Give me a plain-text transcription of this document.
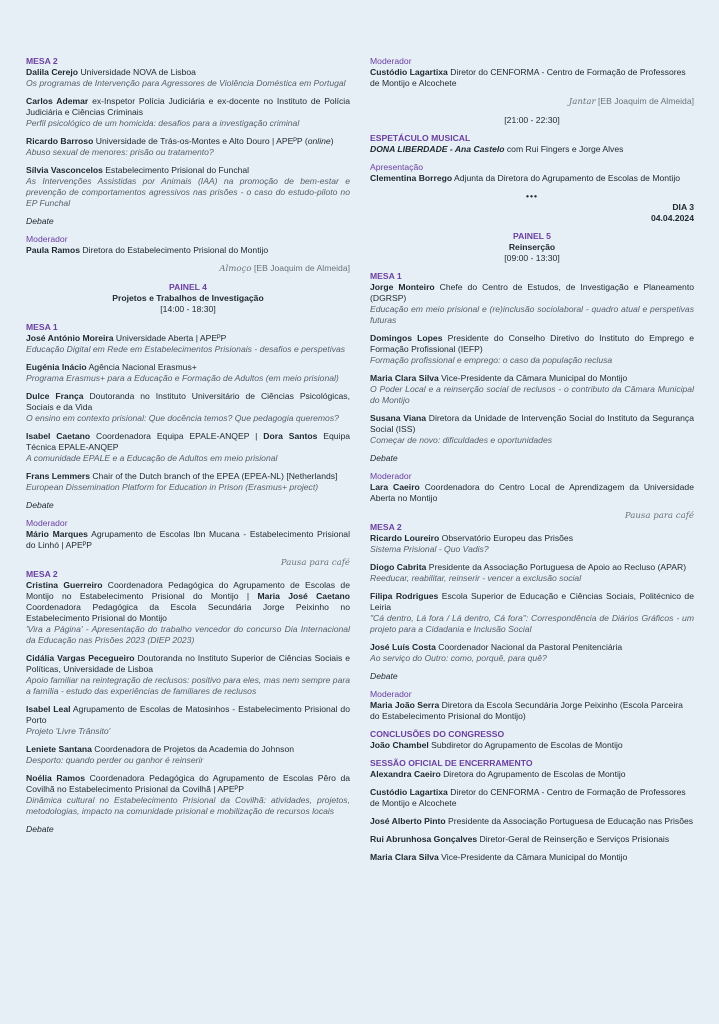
MESA 2
Dalila Cerejo Universidade NOVA de Lisboa
Os programas de Intervenção para Agressores de Violência Doméstica em Portugal
Carlos Ademar ex-Inspetor Polícia Judiciária e ex-docente no Instituto de Polícia Judiciária e Ciências Criminais
Perfil psicológico de um homicida: desafios para a investigação criminal
Ricardo Barroso Universidade de Trás-os-Montes e Alto Douro | APEᴾP (online)
Abuso sexual de menores: prisão ou tratamento?
Sílvia Vasconcelos Estabelecimento Prisional do Funchal
As Intervenções Assistidas por Animais (IAA) na promoção de bem-estar e prevenção de comportamentos agressivos nas prisões - o caso do estudo-piloto no EP Funchal
Debate
Moderador
Paula Ramos Diretora do Estabelecimento Prisional do Montijo
Almoço [EB Joaquim de Almeida]
PAINEL 4
Projetos e Trabalhos de Investigação
[14:00 - 18:30]
MESA 1
José António Moreira Universidade Aberta | APEᴾP
Educação Digital em Rede em Estabelecimentos Prisionais - desafios e perspetivas
Eugénia Inácio Agência Nacional Erasmus+
Programa Erasmus+ para a Educação e Formação de Adultos (em meio prisional)
Dulce França Doutoranda no Instituto Universitário de Ciências Psicológicas, Sociais e da Vida
O ensino em contexto prisional: Que docência temos? Que pedagogia queremos?
Isabel Caetano Coordenadora Equipa EPALE-ANQEP | Dora Santos Equipa Técnica EPALE-ANQEP
A comunidade EPALE e a Educação de Adultos em meio prisional
Frans Lemmers Chair of the Dutch branch of the EPEA (EPEA-NL) [Netherlands]
European Dissemination Platform for Education in Prison (Erasmus+ project)
Debate
Moderador
Mário Marques Agrupamento de Escolas Ibn Mucana - Estabelecimento Prisional do Linhó | APEᴾP
Pausa para café
MESA 2
Cristina Guerreiro Coordenadora Pedagógica do Agrupamento de Escolas de Montijo no Estabelecimento Prisional do Montijo | Maria José Caetano Coordenadora Pedagógica da Escola Secundária Jorge Peixinho no Estabelecimento Prisional do Montijo
'Vira a Página' - Apresentação do trabalho vencedor do concurso Dia Internacional da Educação nas Prisões 2023 (DIEP 2023)
Cidália Vargas Pecegueiro Doutoranda no Instituto Superior de Ciências Sociais e Políticas, Universidade de Lisboa
Apoio familiar na reintegração de reclusos: positivo para eles, mas nem sempre para a família - estudo das experiências de familiares de reclusos
Isabel Leal Agrupamento de Escolas de Matosinhos - Estabelecimento Prisional do Porto
Projeto 'Livre Trânsito'
Leniete Santana Coordenadora de Projetos da Academia do Johnson
Desporto: quando perder ou ganhor é reinserir
Noélia Ramos Coordenadora Pedagógica do Agrupamento de Escolas Pêro da Covilhã no Estabelecimento Prisional da Covilhã | APEᴾP
Dinâmica cultural no Estabelecimento Prisional da Covilhã: atividades, projetos, metodologias, impacto na comunidade prisional e mobilização de recursos locais
Debate
Moderador
Custódio Lagartixa Diretor do CENFORMA - Centro de Formação de Professores de Montijo e Alcochete
Jantar [EB Joaquim de Almeida]
[21:00 - 22:30]
ESPETÁCULO MUSICAL
DONA LIBERDADE - Ana Castelo com Rui Fingers e Jorge Alves
Apresentação
Clementina Borrego Adjunta da Diretora do Agrupamento de Escolas de Montijo
•••
DIA 3
04.04.2024
PAINEL 5
Reinserção
[09:00 - 13:30]
MESA 1
Jorge Monteiro Chefe do Centro de Estudos, de Investigação e Planeamento (DGRSP)
Educação em meio prisional e (re)inclusão sociolaboral - quadro atual e perspetivas futuras
Domingos Lopes Presidente do Conselho Diretivo do Instituto do Emprego e Formação Profissional (IEFP)
Formação profissional e emprego: o caso da população reclusa
Maria Clara Silva Vice-Presidente da Câmara Municipal do Montijo
O Poder Local e a reinserção social de reclusos - o contributo da Câmara Municipal do Montijo
Susana Viana Diretora da Unidade de Intervenção Social do Instituto da Segurança Social (ISS)
Começar de novo: dificuldades e oportunidades
Debate
Moderador
Lara Caeiro Coordenadora do Centro Local de Aprendizagem da Universidade Aberta no Montijo
Pausa para café
MESA 2
Ricardo Loureiro Observatório Europeu das Prisões
Sistema Prisional - Quo Vadis?
Diogo Cabrita Presidente da Associação Portuguesa de Apoio ao Recluso (APAR)
Reeducar, reabilitar, reinserir - vencer a exclusão social
Filipa Rodrigues Escola Superior de Educação e Ciências Sociais, Politécnico de Leiria
"Cá dentro, Lá fora / Lá dentro, Cá fora": Correspondência de Diários Gráficos - um projeto para a Cidadania e Inclusão Social
José Luís Costa Coordenador Nacional da Pastoral Penitenciária
Ao serviço do Outro: como, porquê, para quê?
Debate
Moderador
Maria João Serra Diretora da Escola Secundária Jorge Peixinho (Escola Parceira do Estabelecimento Prisional do Montijo)
CONCLUSÕES DO CONGRESSO
João Chambel Subdiretor do Agrupamento de Escolas de Montijo
SESSÃO OFICIAL DE ENCERRAMENTO
Alexandra Caeiro Diretora do Agrupamento de Escolas de Montijo
Custódio Lagartixa Diretor do CENFORMA - Centro de Formação de Professores de Montijo e Alcochete
José Alberto Pinto Presidente da Associação Portuguesa de Educação nas Prisões
Rui Abrunhosa Gonçalves Diretor-Geral de Reinserção e Serviços Prisionais
Maria Clara Silva Vice-Presidente da Câmara Municipal do Montijo
